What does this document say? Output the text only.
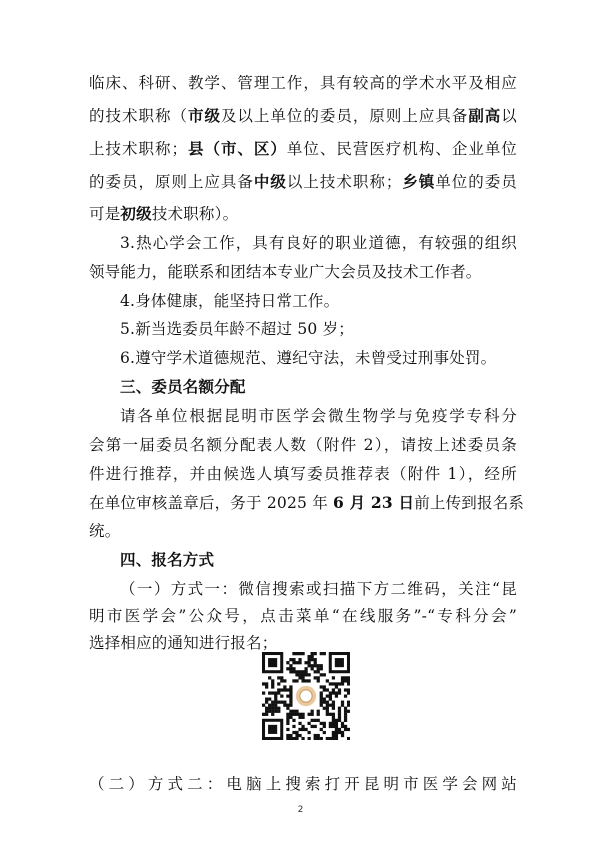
临床、科研、教学、管理工作，具有较高的学术水平及相应
的技术职称（市级及以上单位的委员，原则上应具备副高以
上技术职称；县（市、区）单位、民营医疗机构、企业单位
的委员，原则上应具备中级以上技术职称；乡镇单位的委员
可是初级技术职称）。
3.热心学会工作，具有良好的职业道德，有较强的组织
领导能力，能联系和团结本专业广大会员及技术工作者。
4.身体健康，能坚持日常工作。
5.新当选委员年龄不超过 50 岁；
6.遵守学术道德规范、遵纪守法，未曾受过刑事处罚。
三、委员名额分配
请各单位根据昆明市医学会微生物学与免疫学专科分
会第一届委员名额分配表人数（附件 2），请按上述委员条
件进行推荐，并由候选人填写委员推荐表（附件 1），经所
在单位审核盖章后，务于 2025 年 6 月 23 日前上传到报名系
统。
四、报名方式
（一）方式一：微信搜索或扫描下方二维码，关注“昆
明市医学会”公众号，点击菜单“在线服务”-“专科分会”
选择相应的通知进行报名；
（二）方式二：电脑上搜索打开昆明市医学会网站
2
